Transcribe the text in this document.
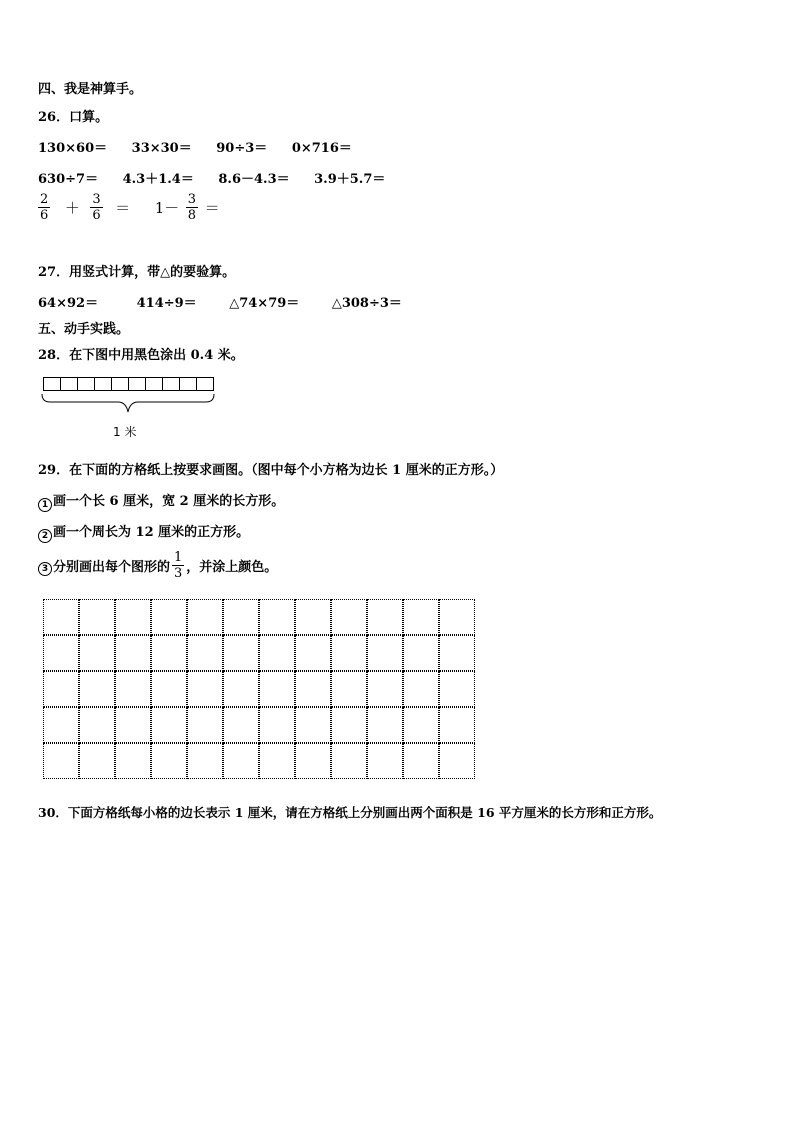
四、我是神算手。
26．口算。
130×60＝ 33×30＝ 90÷3＝ 0×716＝
630÷7＝ 4.3＋1.4＝ 8.6－4.3＝ 3.9＋5.7＝
$\frac{2}{6} + \frac{3}{6} = 1- \frac{3}{8}$ ＝
27．用竖式计算，带△的要验算。
64×92＝	414÷9＝	△74×79＝	△308÷3＝
五、动手实践。
28．在下图中用黑色涂出 0.4 米。
1 米
29．在下面的方格纸上按要求画图。（图中每个小方格为边长 1 厘米的正方形。）
1 画一个长 6 厘米，宽 2 厘米的长方形。
2 画一个周长为 12 厘米的正方形。
3 分别画出每个图形的 $\frac{1}{3}$ ，并涂上颜色。
30．下面方格纸每小格的边长表示 1 厘米，请在方格纸上分别画出两个面积是 16 平方厘米的长方形和正方形。
